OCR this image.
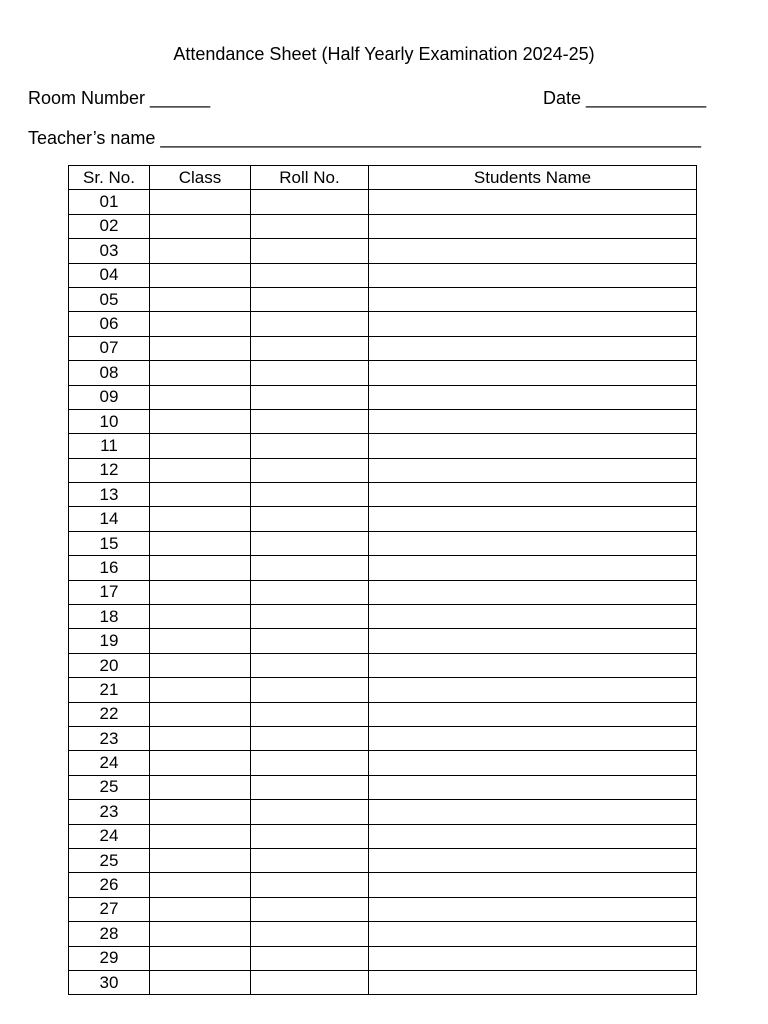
Attendance Sheet (Half Yearly Examination 2024-25)
Room Number ______	Date ____________
Teacher’s name ______________________________________________________
Sr. No.	Class	Roll No.	Students Name
01			
02			
03			
04			
05			
06			
07			
08			
09			
10			
11			
12			
13			
14			
15			
16			
17			
18			
19			
20			
21			
22			
23			
24			
25			
23			
24			
25			
26			
27			
28			
29			
30			
